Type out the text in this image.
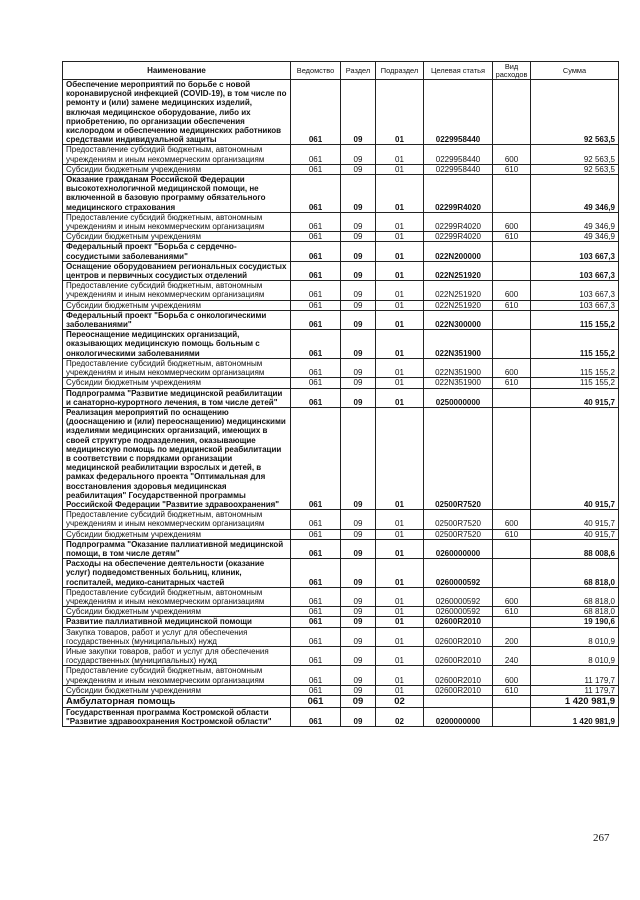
Наименование	Ведомство	Раздел	Подраздел	Целевая статья	Вид расходов	Сумма
Обеспечение мероприятий по борьбе с новой коронавирусной инфекцией (COVID-19), в том числе по ремонту и (или) замене медицинских изделий, включая медицинское оборудование, либо их приобретению, по организации обеспечения кислородом и обеспечению медицинских работников средствами индивидуальной защиты	061	09	01	0229958440		92 563,5
Предоставление субсидий бюджетным, автономным учреждениям и иным некоммерческим организациям	061	09	01	0229958440	600	92 563,5
Субсидии бюджетным учреждениям	061	09	01	0229958440	610	92 563,5
Оказание гражданам Российской Федерации высокотехнологичной медицинской помощи, не включенной в базовую программу обязательного медицинского страхования	061	09	01	02299R4020		49 346,9
Предоставление субсидий бюджетным, автономным учреждениям и иным некоммерческим организациям	061	09	01	02299R4020	600	49 346,9
Субсидии бюджетным учреждениям	061	09	01	02299R4020	610	49 346,9
Федеральный проект "Борьба с сердечно-сосудистыми заболеваниями"	061	09	01	022N200000		103 667,3
Оснащение оборудованием региональных сосудистых центров и первичных сосудистых отделений	061	09	01	022N251920		103 667,3
Предоставление субсидий бюджетным, автономным учреждениям и иным некоммерческим организациям	061	09	01	022N251920	600	103 667,3
Субсидии бюджетным учреждениям	061	09	01	022N251920	610	103 667,3
Федеральный проект "Борьба с онкологическими заболеваниями"	061	09	01	022N300000		115 155,2
Переоснащение медицинских организаций, оказывающих медицинскую помощь больным с онкологическими заболеваниями	061	09	01	022N351900		115 155,2
Предоставление субсидий бюджетным, автономным учреждениям и иным некоммерческим организациям	061	09	01	022N351900	600	115 155,2
Субсидии бюджетным учреждениям	061	09	01	022N351900	610	115 155,2
Подпрограмма "Развитие медицинской реабилитации и санаторно-курортного лечения, в том числе детей"	061	09	01	0250000000		40 915,7
Реализация мероприятий по оснащению (дооснащению и (или) переоснащению) медицинскими изделиями медицинских организаций, имеющих в своей структуре подразделения, оказывающие медицинскую помощь по медицинской реабилитации в соответствии с порядками организации медицинской реабилитации взрослых и детей, в рамках федерального проекта "Оптимальная для восстановления здоровья медицинская реабилитация" Государственной программы Российской Федерации "Развитие здравоохранения"	061	09	01	02500R7520		40 915,7
Предоставление субсидий бюджетным, автономным учреждениям и иным некоммерческим организациям	061	09	01	02500R7520	600	40 915,7
Субсидии бюджетным учреждениям	061	09	01	02500R7520	610	40 915,7
Подпрограмма "Оказание паллиативной медицинской помощи, в том числе детям"	061	09	01	0260000000		88 008,6
Расходы на обеспечение деятельности (оказание услуг) подведомственных больниц, клиник, госпиталей, медико-санитарных частей	061	09	01	0260000592		68 818,0
Предоставление субсидий бюджетным, автономным учреждениям и иным некоммерческим организациям	061	09	01	0260000592	600	68 818,0
Субсидии бюджетным учреждениям	061	09	01	0260000592	610	68 818,0
Развитие паллиативной медицинской помощи	061	09	01	02600R2010		19 190,6
Закупка товаров, работ и услуг для обеспечения государственных (муниципальных) нужд	061	09	01	02600R2010	200	8 010,9
Иные закупки товаров, работ и услуг для обеспечения государственных (муниципальных) нужд	061	09	01	02600R2010	240	8 010,9
Предоставление субсидий бюджетным, автономным учреждениям и иным некоммерческим организациям	061	09	01	02600R2010	600	11 179,7
Субсидии бюджетным учреждениям	061	09	01	02600R2010	610	11 179,7
Амбулаторная помощь	061	09	02			1 420 981,9
Государственная программа Костромской области "Развитие здравоохранения Костромской области"	061	09	02	0200000000		1 420 981,9
267
